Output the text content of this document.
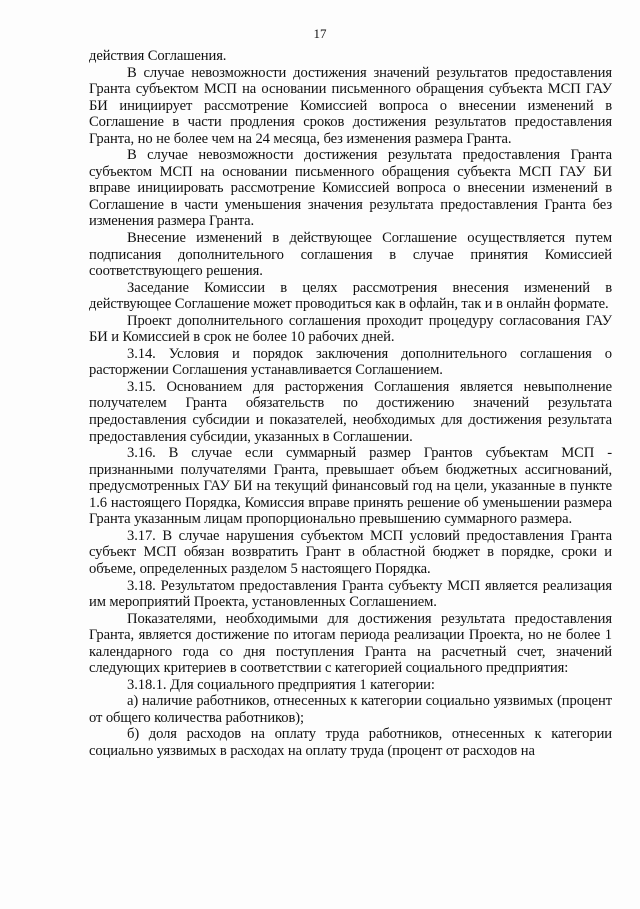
17

действия Соглашения.

В случае невозможности достижения значений результатов предоставления Гранта субъектом МСП на основании письменного обращения субъекта МСП ГАУ БИ инициирует рассмотрение Комиссией вопроса о внесении изменений в Соглашение в части продления сроков достижения результатов предоставления Гранта, но не более чем на 24 месяца, без изменения размера Гранта.

В случае невозможности достижения результата предоставления Гранта субъектом МСП на основании письменного обращения субъекта МСП ГАУ БИ вправе инициировать рассмотрение Комиссией вопроса о внесении изменений в Соглашение в части уменьшения значения результата предоставления Гранта без изменения размера Гранта.

Внесение изменений в действующее Соглашение осуществляется путем подписания дополнительного соглашения в случае принятия Комиссией соответствующего решения.

Заседание Комиссии в целях рассмотрения внесения изменений в действующее Соглашение может проводиться как в офлайн, так и в онлайн формате.

Проект дополнительного соглашения проходит процедуру согласования ГАУ БИ и Комиссией в срок не более 10 рабочих дней.

3.14. Условия и порядок заключения дополнительного соглашения о расторжении Соглашения устанавливается Соглашением.

3.15. Основанием для расторжения Соглашения является невыполнение получателем Гранта обязательств по достижению значений результата предоставления субсидии и показателей, необходимых для достижения результата предоставления субсидии, указанных в Соглашении.

3.16. В случае если суммарный размер Грантов субъектам МСП - признанными получателями Гранта, превышает объем бюджетных ассигнований, предусмотренных ГАУ БИ на текущий финансовый год на цели, указанные в пункте 1.6 настоящего Порядка, Комиссия вправе принять решение об уменьшении размера Гранта указанным лицам пропорционально превышению суммарного размера.

3.17. В случае нарушения субъектом МСП условий предоставления Гранта субъект МСП обязан возвратить Грант в областной бюджет в порядке, сроки и объеме, определенных разделом 5 настоящего Порядка.

3.18. Результатом предоставления Гранта субъекту МСП является реализация им мероприятий Проекта, установленных Соглашением.

Показателями, необходимыми для достижения результата предоставления Гранта, является достижение по итогам периода реализации Проекта, но не более 1 календарного года со дня поступления Гранта на расчетный счет, значений следующих критериев в соответствии с категорией социального предприятия:

3.18.1. Для социального предприятия 1 категории:

а) наличие работников, отнесенных к категории социально уязвимых (процент от общего количества работников);

б) доля расходов на оплату труда работников, отнесенных к категории социально уязвимых в расходах на оплату труда (процент от расходов на
